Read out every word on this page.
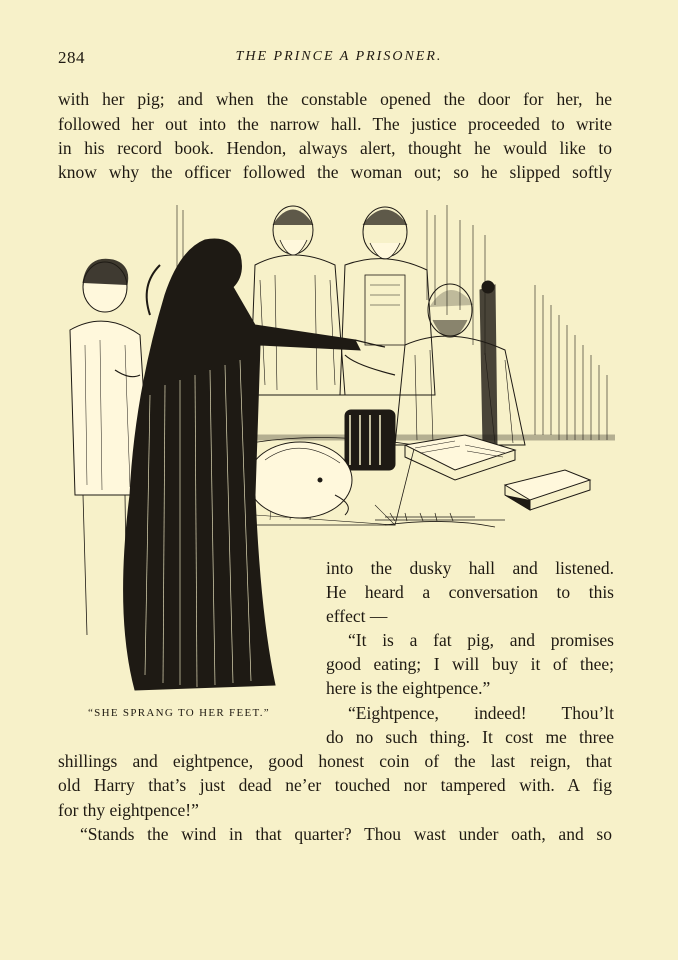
284	THE PRINCE A PRISONER.
with her pig; and when the constable opened the door for her, he
followed her out into the narrow hall. The justice proceeded to write
in his record book. Hendon, always alert, thought he would like to
know why the officer followed the woman out; so he slipped softly
into the dusky hall and listened.
He heard a conversation to this
effect —
“It is a fat pig, and promises
good eating; I will buy it of thee;
here is the eightpence.”
“Eightpence, indeed! Thou’lt
do no such thing. It cost me three
“SHE SPRANG TO HER FEET.”
shillings and eightpence, good honest coin of the last reign, that
old Harry that’s just dead ne’er touched nor tampered with. A fig
for thy eightpence!”
“Stands the wind in that quarter? Thou wast under oath, and so
